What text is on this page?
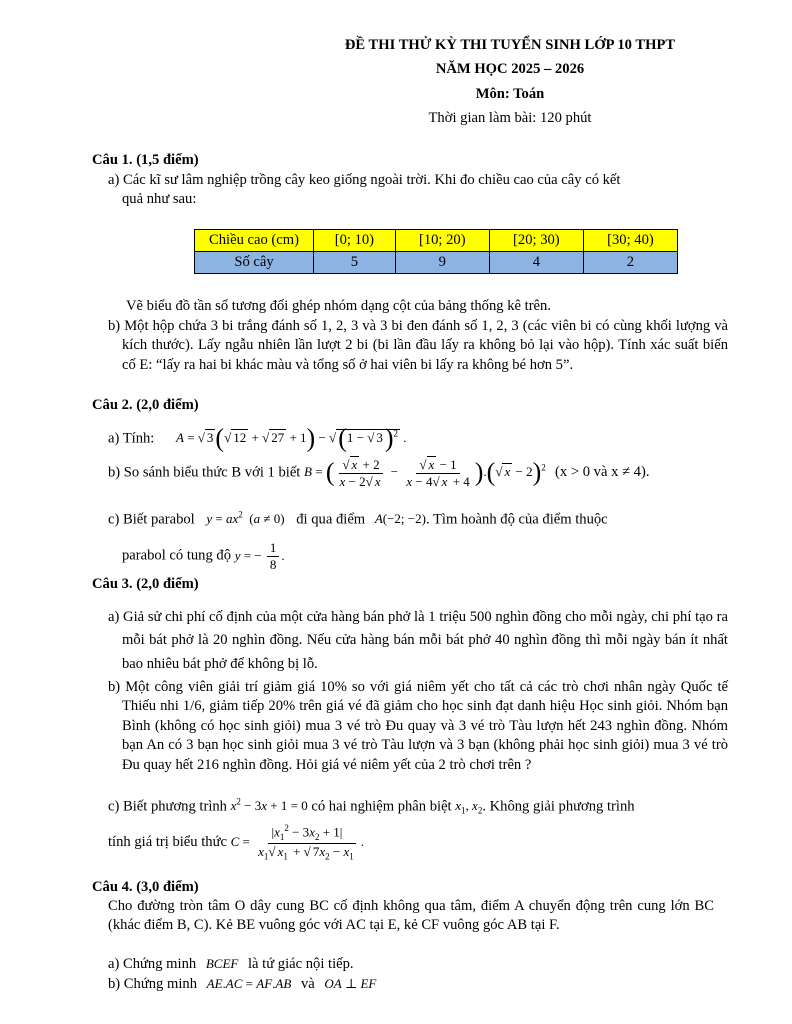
ĐỀ THI THỬ KỲ THI TUYỂN SINH LỚP 10 THPT
NĂM HỌC 2025 – 2026
Môn: Toán
Thời gian làm bài: 120 phút
Câu 1. (1,5 điểm)
a) Các kĩ sư lâm nghiệp trồng cây keo giống ngoài trời. Khi đo chiều cao của cây có kết
quả như sau:
Chiều cao (cm)	[0; 10)	[10; 20)	[20; 30)	[30; 40)
Số cây	5	9	4	2
Vẽ biểu đồ tần số tương đối ghép nhóm dạng cột của bảng thống kê trên.
b) Một hộp chứa 3 bi trắng đánh số 1, 2, 3 và 3 bi đen đánh số 1, 2, 3 (các viên bi có cùng khối lượng và kích thước). Lấy ngẫu nhiên lần lượt 2 bi (bi lần đầu lấy ra không bỏ lại vào hộp). Tính xác suất biến cố E: “lấy ra hai bi khác màu và tổng số ở hai viên bi lấy ra không bé hơn 5”.
Câu 2. (2,0 điểm)
a) Tính: A = √ 3(√ 12 + √ 27 + 1) − √(1 − √ 3)$^2$ .
b) So sánh biểu thức B với 1 biết B = ( $\frac{√ x + 2}{x - 2√ x} - \frac{√ x - 1}{x - 4√ x + 4}$ ).(√ x − 2)$^2$ (x > 0 và x ≠ 4).
c) Biết parabol $y = ax^2$  (a ≠ 0) đi qua điểm A(−2; −2). Tìm hoành độ của điểm thuộc
parabol có tung độ y = − $\frac{1}{8}$ .
Câu 3. (2,0 điểm)
a) Giả sử chi phí cố định của một cửa hàng bán phở là 1 triệu 500 nghìn đồng cho mỗi ngày, chi phí tạo ra mỗi bát phở là 20 nghìn đồng. Nếu cửa hàng bán mỗi bát phở 40 nghìn đồng thì mỗi ngày bán ít nhất bao nhiêu bát phở để không bị lỗ.
b) Một công viên giải trí giảm giá 10% so với giá niêm yết cho tất cả các trò chơi nhân ngày Quốc tế Thiếu nhi 1/6, giảm tiếp 20% trên giá vé đã giảm cho học sinh đạt danh hiệu Học sinh giỏi. Nhóm bạn Bình (không có học sinh giỏi) mua 3 vé trò Đu quay và 3 vé trò Tàu lượn hết 243 nghìn đồng. Nhóm bạn An có 3 bạn học sinh giỏi mua 3 vé trò Tàu lượn và 3 bạn (không phải học sinh giỏi) mua 3 vé trò Đu quay hết 216 nghìn đồng. Hỏi giá vé niêm yết của 2 trò chơi trên ?
c) Biết phương trình $x^2 - 3x + 1 = 0$ có hai nghiệm phân biệt $x_1$, $x_2$. Không giải phương trình
tính giá trị biểu thức $C = \frac{|x_1^2 - 3x_2 + 1|}{x_1√ x_1 + √ 7x_2 - x_1}$ .
Câu 4. (3,0 điểm)
Cho đường tròn tâm O dây cung BC cố định không qua tâm, điểm A chuyển động trên cung lớn BC (khác điểm B, C). Kẻ BE vuông góc với AC tại E, kẻ CF vuông góc AB tại F.
a) Chứng minh BCEF là tứ giác nội tiếp.
b) Chứng minh AE.AC = AF.AB và OA ⊥ EF
